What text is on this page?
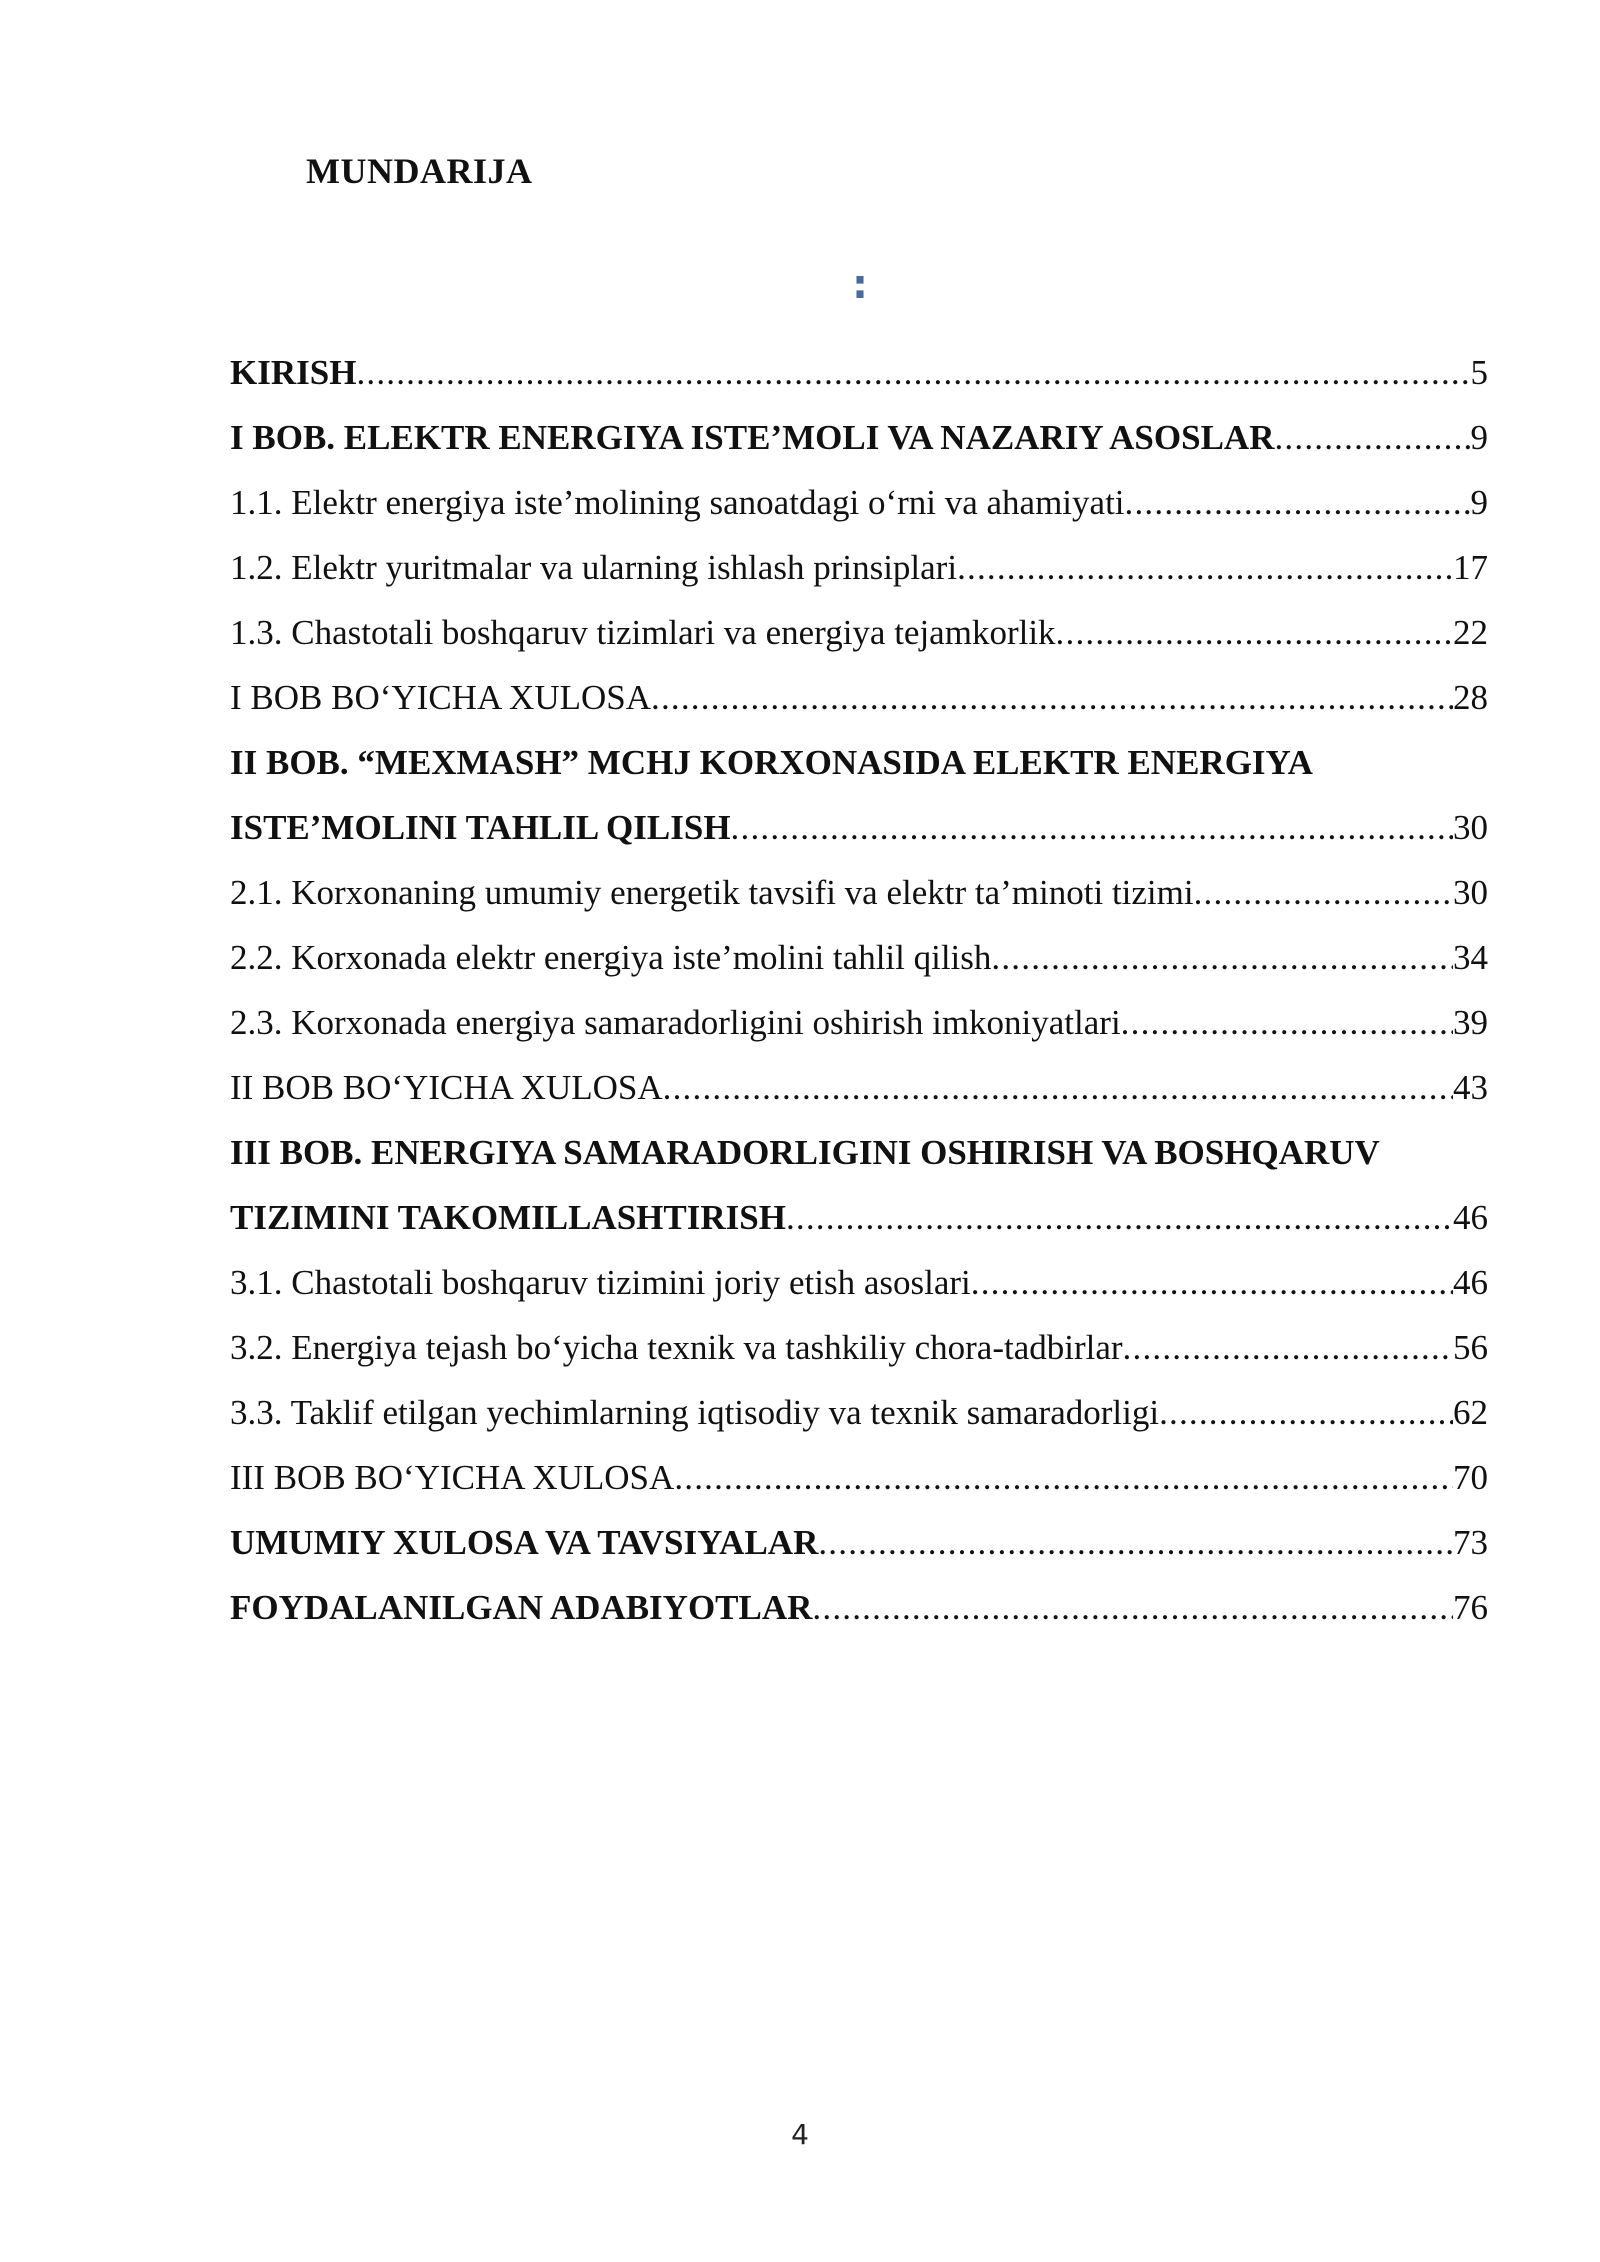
MUNDARIJA
:
KIRISH .....	5
I BOB. ELEKTR ENERGIYA ISTE’MOLI VA NAZARIY ASOSLAR .....	9
1.1. Elektr energiya iste’molining sanoatdagi o‘rni va ahamiyati .....	9
1.2. Elektr yuritmalar va ularning ishlash prinsiplari .....	17
1.3. Chastotali boshqaruv tizimlari va energiya tejamkorlik .....	22
I BOB BO‘YICHA XULOSA .....	28
II BOB. “MEXMASH” MCHJ KORXONASIDA ELEKTR ENERGIYA
ISTE’MOLINI TAHLIL QILISH .....	30
2.1. Korxonaning umumiy energetik tavsifi va elektr ta’minoti tizimi .....	30
2.2. Korxonada elektr energiya iste’molini tahlil qilish .....	34
2.3. Korxonada energiya samaradorligini oshirish imkoniyatlari .....	39
II BOB BO‘YICHA XULOSA .....	43
III BOB. ENERGIYA SAMARADORLIGINI OSHIRISH VA BOSHQARUV
TIZIMINI TAKOMILLASHTIRISH .....	46
3.1. Chastotali boshqaruv tizimini joriy etish asoslari .....	46
3.2. Energiya tejash bo‘yicha texnik va tashkiliy chora-tadbirlar .....	56
3.3. Taklif etilgan yechimlarning iqtisodiy va texnik samaradorligi .....	62
III BOB BO‘YICHA XULOSA .....	70
UMUMIY XULOSA VA TAVSIYALAR .....	73
FOYDALANILGAN ADABIYOTLAR .....	76
4
